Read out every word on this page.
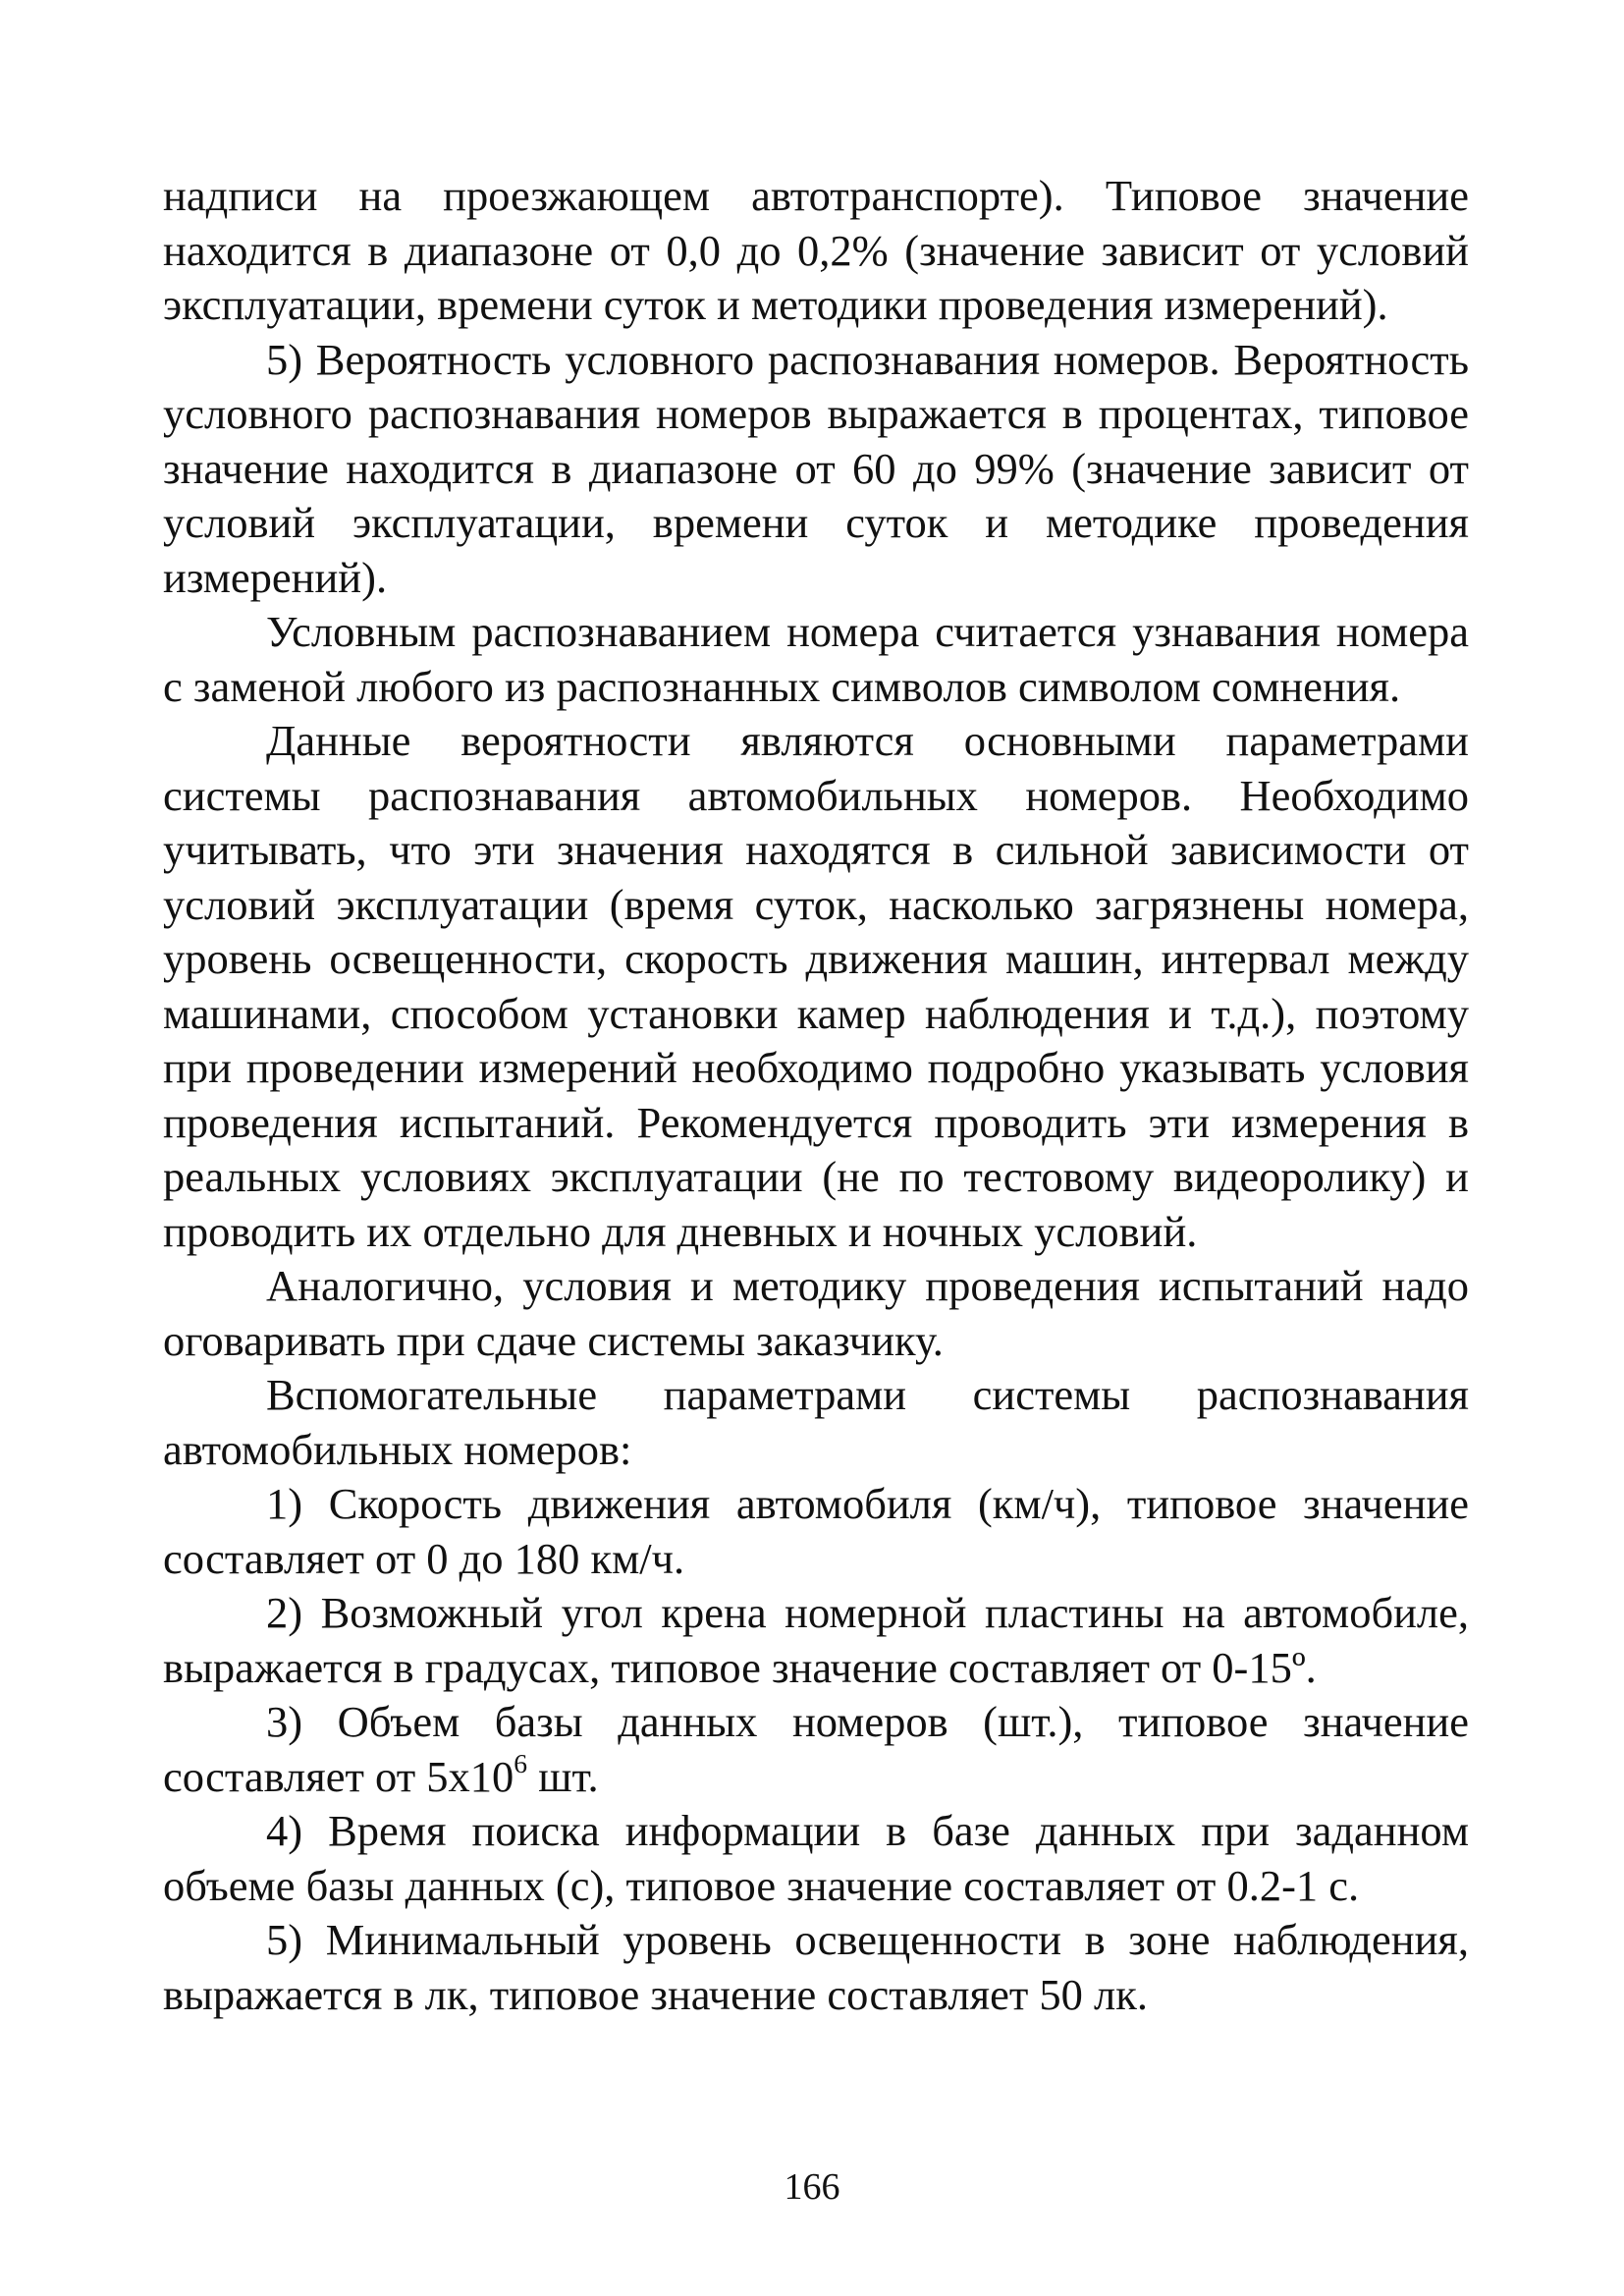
надписи на проезжающем автотранспорте). Типовое значение находится в диапазоне от 0,0 до 0,2% (значение зависит от условий эксплуатации, времени суток и методики проведения измерений).

5) Вероятность условного распознавания номеров. Вероятность условного распознавания номеров выражается в процентах, типовое значение находится в диапазоне от 60 до 99% (значение зависит от условий эксплуатации, времени суток и методике проведения измерений).

Условным распознаванием номера считается узнавания номера с заменой любого из распознанных символов символом сомнения.

Данные вероятности являются основными параметрами системы распознавания автомобильных номеров. Необходимо учитывать, что эти значения находятся в сильной зависимости от условий эксплуатации (время суток, насколько загрязнены номера, уровень освещенности, скорость движения машин, интервал между машинами, способом установки камер наблюдения и т.д.), поэтому при проведении измерений необходимо подробно указывать условия проведения испытаний. Рекомендуется проводить эти измерения в реальных условиях эксплуатации (не по тестовому видеоролику) и проводить их отдельно для дневных и ночных условий.

Аналогично, условия и методику проведения испытаний надо оговаривать при сдаче системы заказчику.

Вспомогательные параметрами системы распознавания автомобильных номеров:

1) Скорость движения автомобиля (км/ч), типовое значение составляет от 0 до 180 км/ч.

2) Возможный угол крена номерной пластины на автомобиле, выражается в градусах, типовое значение составляет от 0-15º.

3) Объем базы данных номеров (шт.), типовое значение составляет от $5x10^6$ шт.

4) Время поиска информации в базе данных при заданном объеме базы данных (с), типовое значение составляет от 0.2-1 с.

5) Минимальный уровень освещенности в зоне наблюдения, выражается в лк, типовое значение составляет 50 лк.

166
